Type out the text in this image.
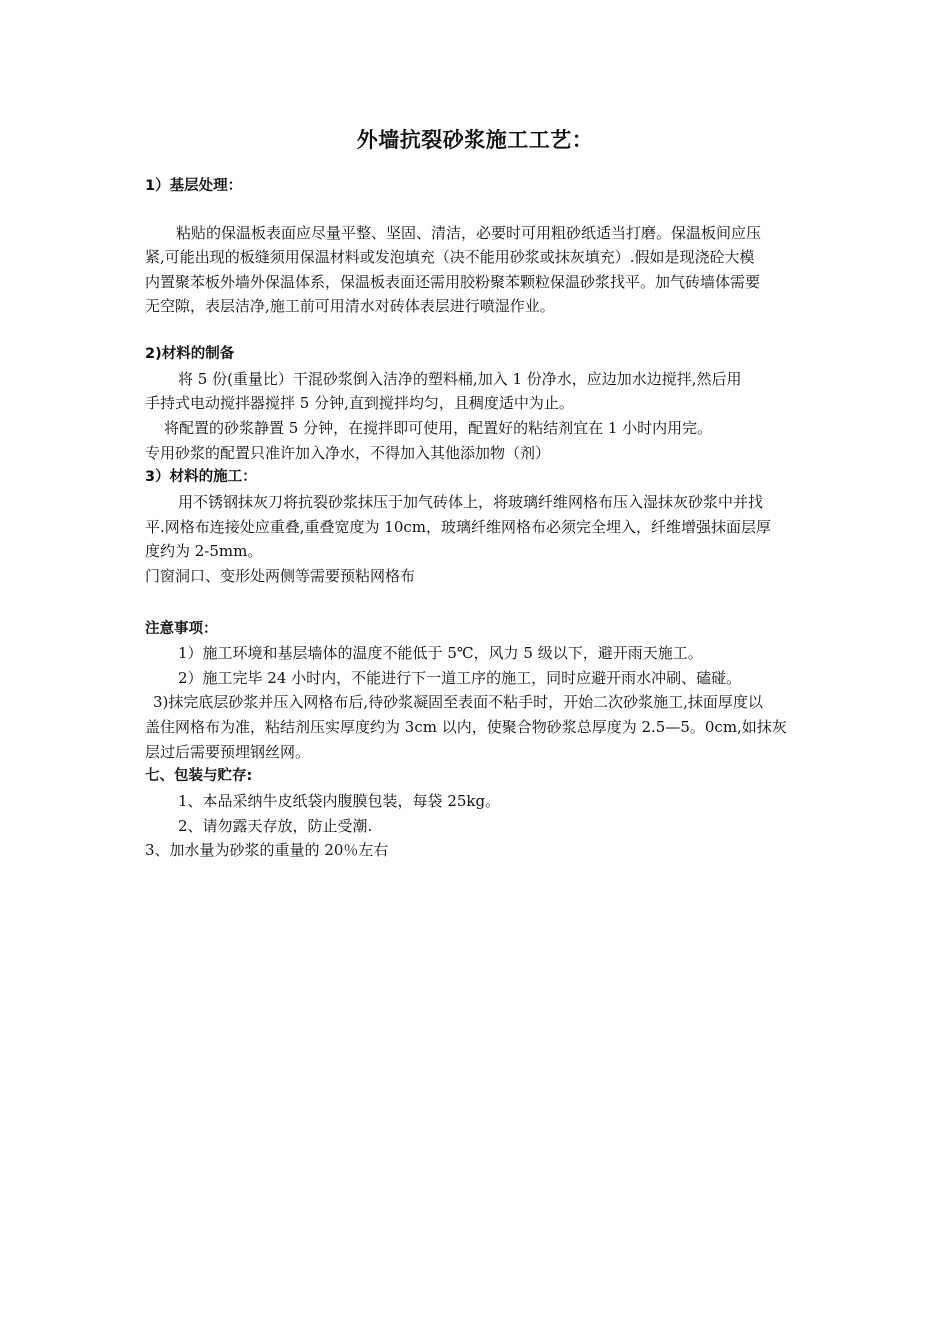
外墙抗裂砂浆施工工艺：
1）基层处理：
粘贴的保温板表面应尽量平整、坚固、清洁，必要时可用粗砂纸适当打磨。保温板间应压
紧,可能出现的板缝须用保温材料或发泡填充（决不能用砂浆或抹灰填充）.假如是现浇砼大模
内置聚苯板外墙外保温体系，保温板表面还需用胶粉聚苯颗粒保温砂浆找平。加气砖墙体需要
无空隙，表层洁净,施工前可用清水对砖体表层进行喷湿作业。
2)材料的制备
将 5 份(重量比）干混砂浆倒入洁净的塑料桶,加入 1 份净水，应边加水边搅拌,然后用
手持式电动搅拌器搅拌 5 分钟,直到搅拌均匀，且稠度适中为止。
将配置的砂浆静置 5 分钟，在搅拌即可使用，配置好的粘结剂宜在 1 小时内用完。
专用砂浆的配置只准许加入净水，不得加入其他添加物（剂）
3）材料的施工：
用不锈钢抹灰刀将抗裂砂浆抹压于加气砖体上，将玻璃纤维网格布压入湿抹灰砂浆中并找
平.网格布连接处应重叠,重叠宽度为 10cm，玻璃纤维网格布必须完全埋入，纤维增强抹面层厚
度约为 2-5mm。
门窗洞口、变形处两侧等需要预粘网格布
注意事项：
1）施工环境和基层墙体的温度不能低于 5℃，风力 5 级以下，避开雨天施工。
2）施工完毕 24 小时内，不能进行下一道工序的施工，同时应避开雨水冲刷、磕碰。
3)抹完底层砂浆并压入网格布后,待砂浆凝固至表面不粘手时，开始二次砂浆施工,抹面厚度以
盖住网格布为准，粘结剂压实厚度约为 3cm 以内，使聚合物砂浆总厚度为 2.5—5。0cm,如抹灰
层过后需要预埋钢丝网。
七、包装与贮存:
1、本品采纳牛皮纸袋内腹膜包装，每袋 25kg。
2、请勿露天存放，防止受潮.
3、加水量为砂浆的重量的 20％左右
